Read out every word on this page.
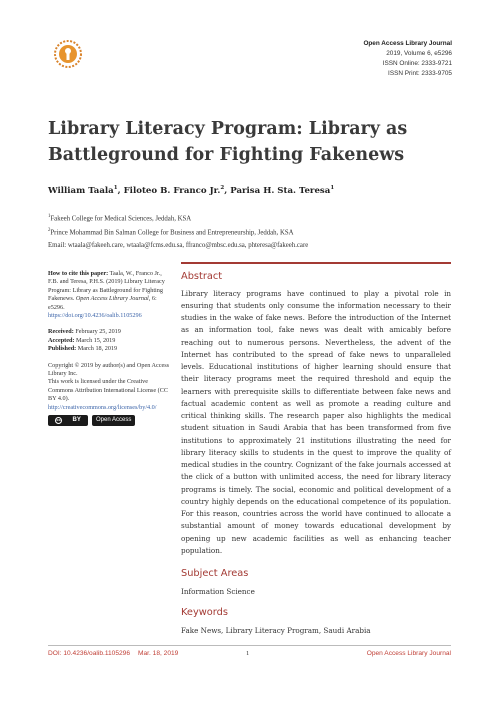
Open Access Library Journal
2019, Volume 6, e5296
ISSN Online: 2333-9721
ISSN Print: 2333-9705
Library Literacy Program: Library as
Battleground for Fighting Fakenews
William Taala$^1$, Filoteo B. Franco Jr.$^2$, Parisa H. Sta. Teresa$^1$
$^1$Fakeeh College for Medical Sciences, Jeddah, KSA
$^2$Prince Mohammad Bin Salman College for Business and Entrepreneurship, Jeddah, KSA
Email: wtaala@fakeeh.care, wtaala@fcms.edu.sa, ffranco@mbsc.edu.sa, phteresa@fakeeh.care
How to cite this paper: Taala, W., Franco Jr., F.B. and Teresa, P.H.S. (2019) Library Literacy Program: Library as Battleground for Fighting Fakenews. Open Access Library Journal, 6: e5296.
https://doi.org/10.4236/oalib.1105296
Received: February 25, 2019
Accepted: March 15, 2019
Published: March 18, 2019
Copyright © 2019 by author(s) and Open Access Library Inc.
This work is licensed under the Creative Commons Attribution International License (CC BY 4.0).
http://creativecommons.org/licenses/by/4.0/
cc BY	Open Access
Abstract
Library literacy programs have continued to play a pivotal role in ensuring that students only consume the information necessary to their studies in the wake of fake news. Before the introduction of the Internet as an information tool, fake news was dealt with amicably before reaching out to numerous persons. Nevertheless, the advent of the Internet has contributed to the spread of fake news to unparalleled levels. Educational institutions of higher learning should ensure that their literacy programs meet the required threshold and equip the learners with prerequisite skills to differentiate between fake news and factual academic content as well as promote a reading culture and critical thinking skills. The research paper also highlights the medical student situation in Saudi Arabia that has been transformed from five institutions to approximately 21 institutions illustrating the need for library literacy skills to students in the quest to improve the quality of medical studies in the country. Cognizant of the fake journals accessed at the click of a button with unlimited access, the need for library literacy programs is timely. The social, economic and political development of a country highly depends on the educational competence of its population. For this reason, countries across the world have continued to allocate a substantial amount of money towards educational development by opening up new academic facilities as well as enhancing teacher population.
Subject Areas
Information Science
Keywords
Fake News, Library Literacy Program, Saudi Arabia
DOI: 10.4236/oalib.1105296 Mar. 18, 2019	1	Open Access Library Journal
